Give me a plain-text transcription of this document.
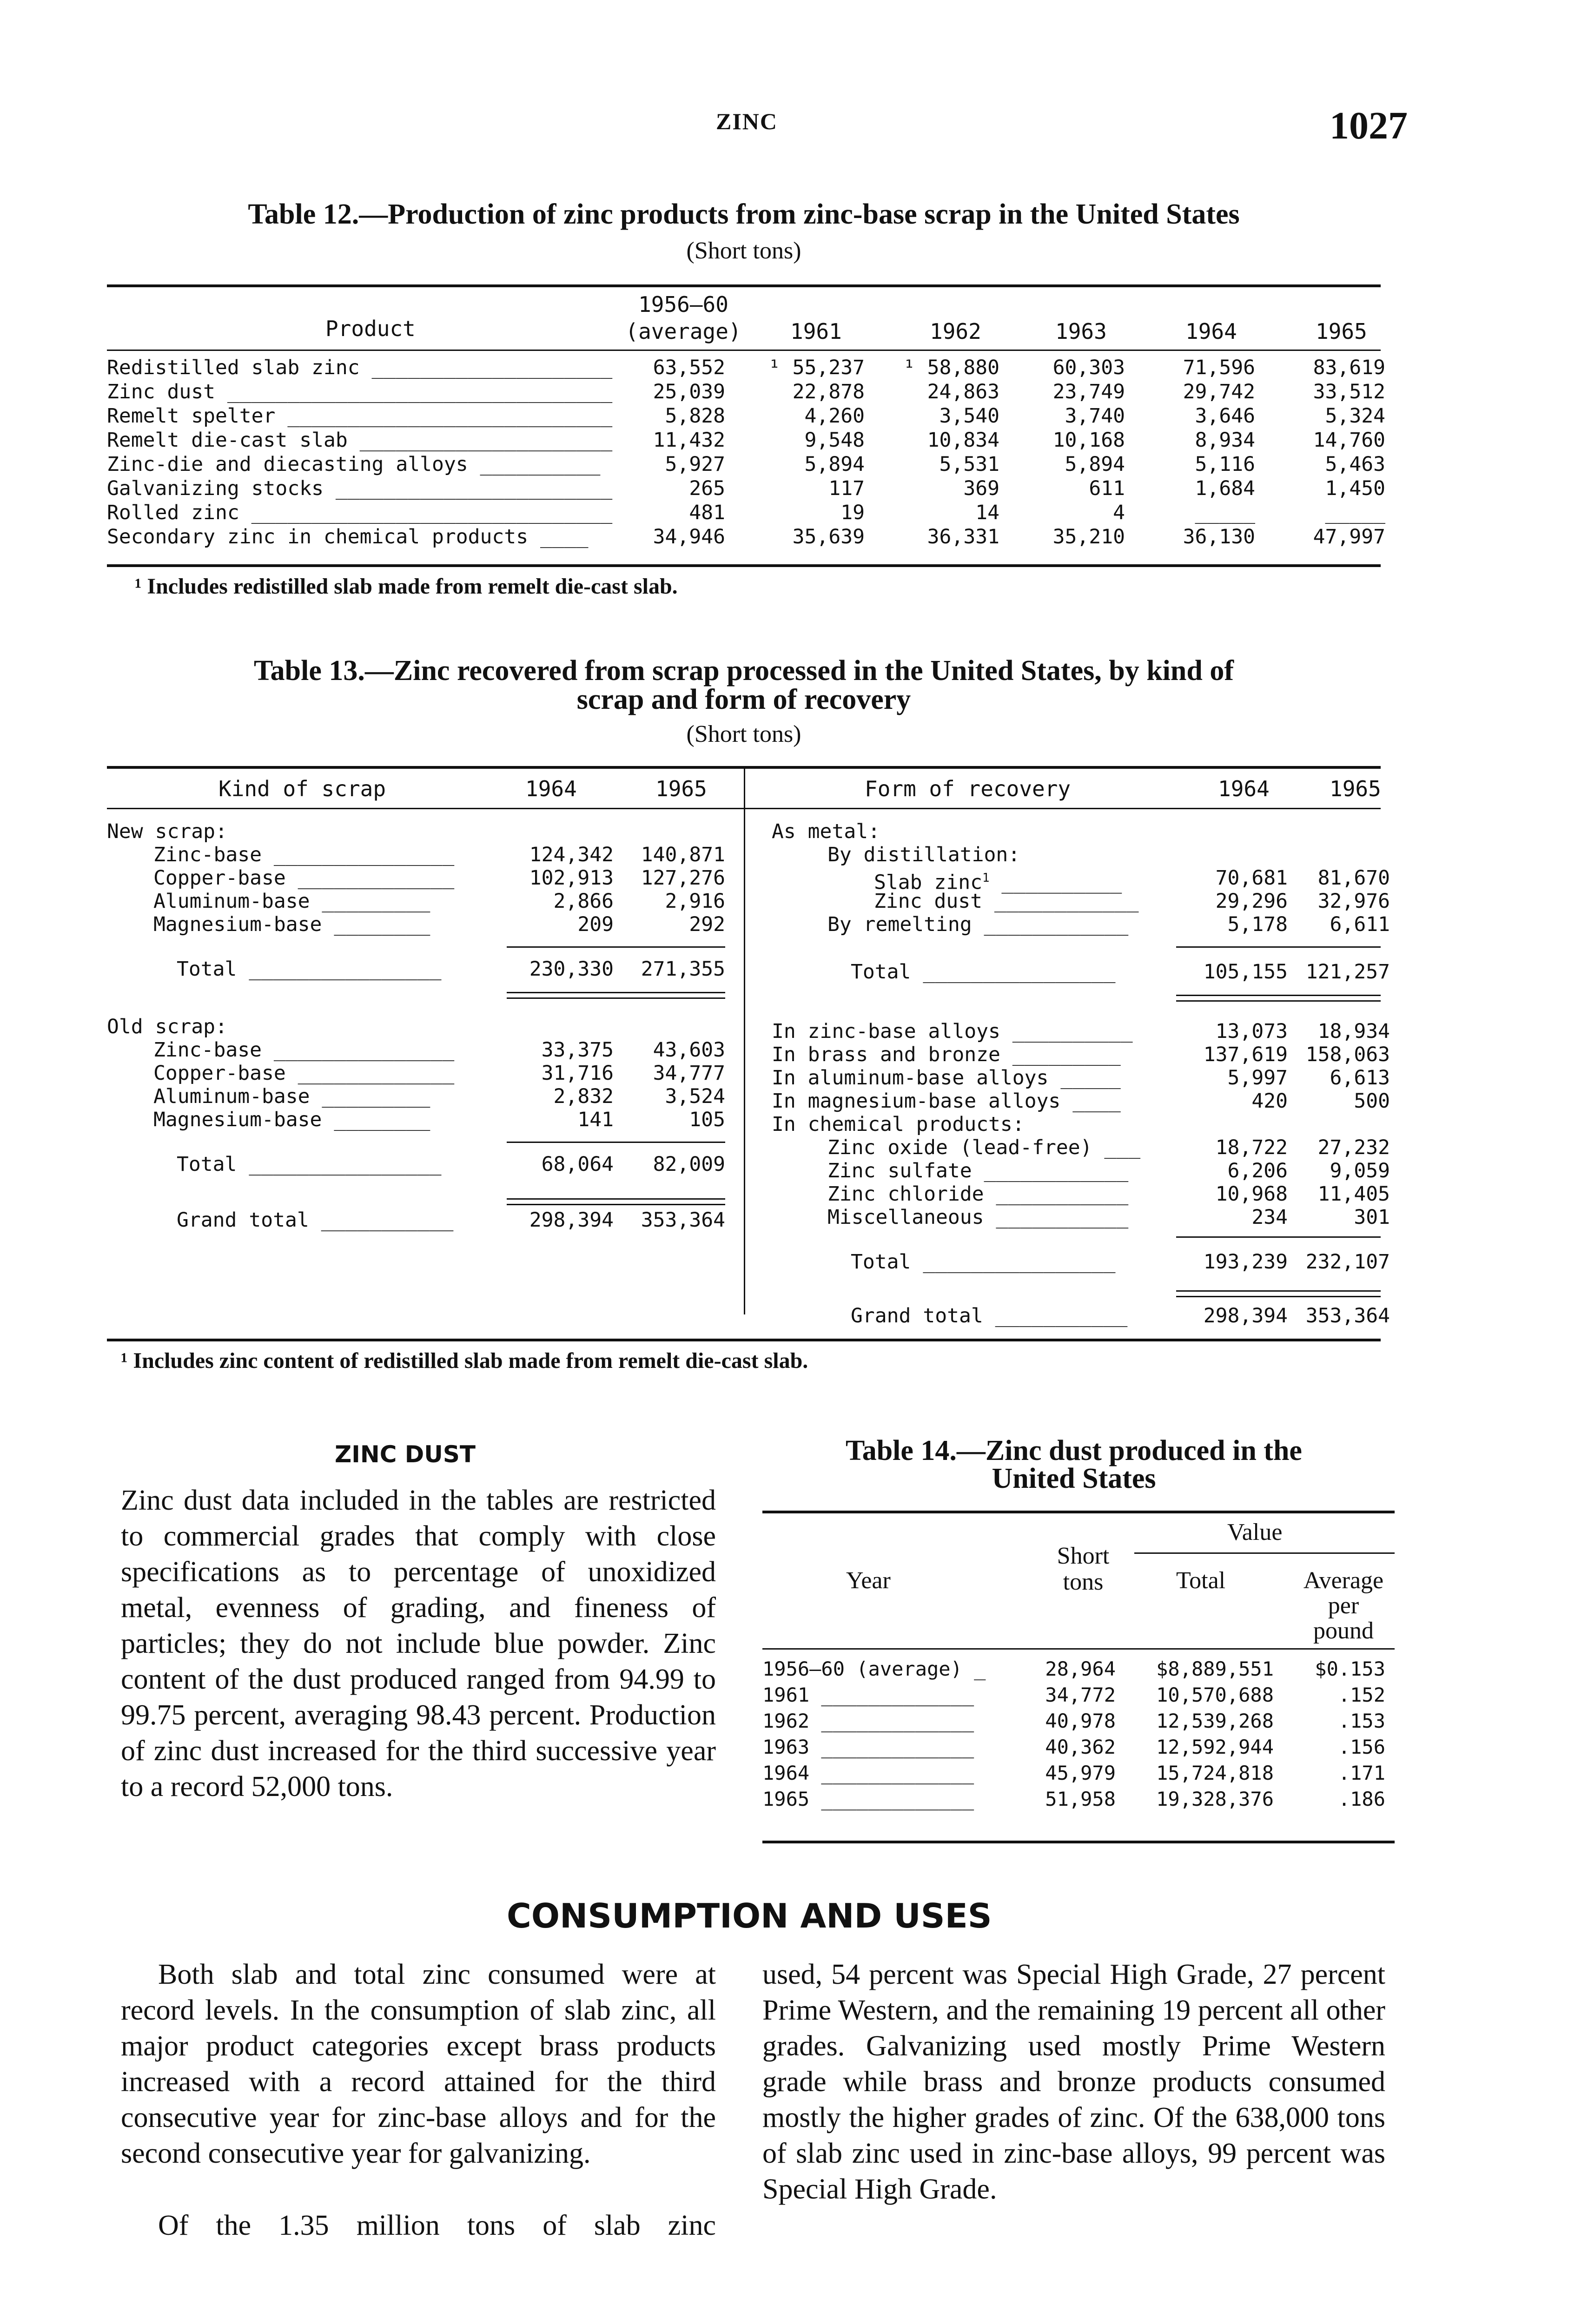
ZINC	1027
Table 12.—Production of zinc products from zinc-base scrap in the United States
(Short tons)
Product
1956–60
(average)	1961	1962	1963	1964	1965
Redistilled slab zinc ____________________	63,552	¹ 55,237	¹ 58,880	60,303	71,596	83,619
Zinc dust ________________________________	25,039	22,878	24,863	23,749	29,742	33,512
Remelt spelter ___________________________	5,828	4,260	3,540	3,740	3,646	5,324
Remelt die-cast slab _____________________	11,432	9,548	10,834	10,168	8,934	14,760
Zinc-die and diecasting alloys __________	5,927	5,894	5,531	5,894	5,116	5,463
Galvanizing stocks _______________________	265	117	369	611	1,684	1,450
Rolled zinc ______________________________	481	19	14	4	_____	_____
Secondary zinc in chemical products ____	34,946	35,639	36,331	35,210	36,130	47,997
¹ Includes redistilled slab made from remelt die-cast slab.
Table 13.—Zinc recovered from scrap processed in the United States, by kind of
scrap and form of recovery
(Short tons)
Kind of scrap	1964	1965	Form of recovery	1964	1965
New scrap:
Zinc-base _______________	124,342	140,871
Copper-base _____________	102,913	127,276
Aluminum-base _________	2,866	2,916
Magnesium-base ________	209	292
Total ________________	230,330	271,355
Old scrap:
Zinc-base _______________	33,375	43,603
Copper-base _____________	31,716	34,777
Aluminum-base _________	2,832	3,524
Magnesium-base ________	141	105
Total ________________	68,064	82,009
Grand total ___________	298,394	353,364
As metal:
By distillation:
Slab zinc$^1$ __________	70,681	81,670
Zinc dust ____________	29,296	32,976
By remelting ____________	5,178	6,611
Total ________________	105,155 121,257
In zinc-base alloys __________	13,073	18,934
In brass and bronze _________	137,619 158,063
In aluminum-base alloys _____	5,997	6,613
In magnesium-base alloys ____	420	500
In chemical products:
Zinc oxide (lead-free) ___	18,722	27,232
Zinc sulfate ____________	6,206	9,059
Zinc chloride ___________	10,968	11,405
Miscellaneous ___________	234	301
Total ________________	193,239 232,107
Grand total ___________	298,394 353,364
¹ Includes zinc content of redistilled slab made from remelt die-cast slab.
ZINC DUST
Zinc dust data included in the tables are restricted to commercial grades that comply with close specifications as to percentage of unoxidized metal, evenness of grading, and fineness of particles; they do not include blue powder. Zinc content of the dust produced ranged from 94.99 to 99.75 percent, averaging 98.43 percent. Production of zinc dust increased for the third successive year to a record 52,000 tons.
Table 14.—Zinc dust produced in the
United States
Year
Short tons
Value
Total	Average per pound
1956–60 (average) _	28,964	$8,889,551	$0.153
1961 _____________	34,772	10,570,688	.152
1962 _____________	40,978	12,539,268	.153
1963 _____________	40,362	12,592,944	.156
1964 _____________	45,979	15,724,818	.171
1965 _____________	51,958	19,328,376	.186
CONSUMPTION AND USES
Both slab and total zinc consumed were at record levels. In the consumption of slab zinc, all major product categories except brass products increased with a record attained for the third consecutive year for zinc-base alloys and for the second consecutive year for galvanizing.
Of the 1.35 million tons of slab zinc
used, 54 percent was Special High Grade, 27 percent Prime Western, and the remaining 19 percent all other grades. Galvanizing used mostly Prime Western grade while brass and bronze products consumed mostly the higher grades of zinc. Of the 638,000 tons of slab zinc used in zinc-base alloys, 99 percent was Special High Grade.
